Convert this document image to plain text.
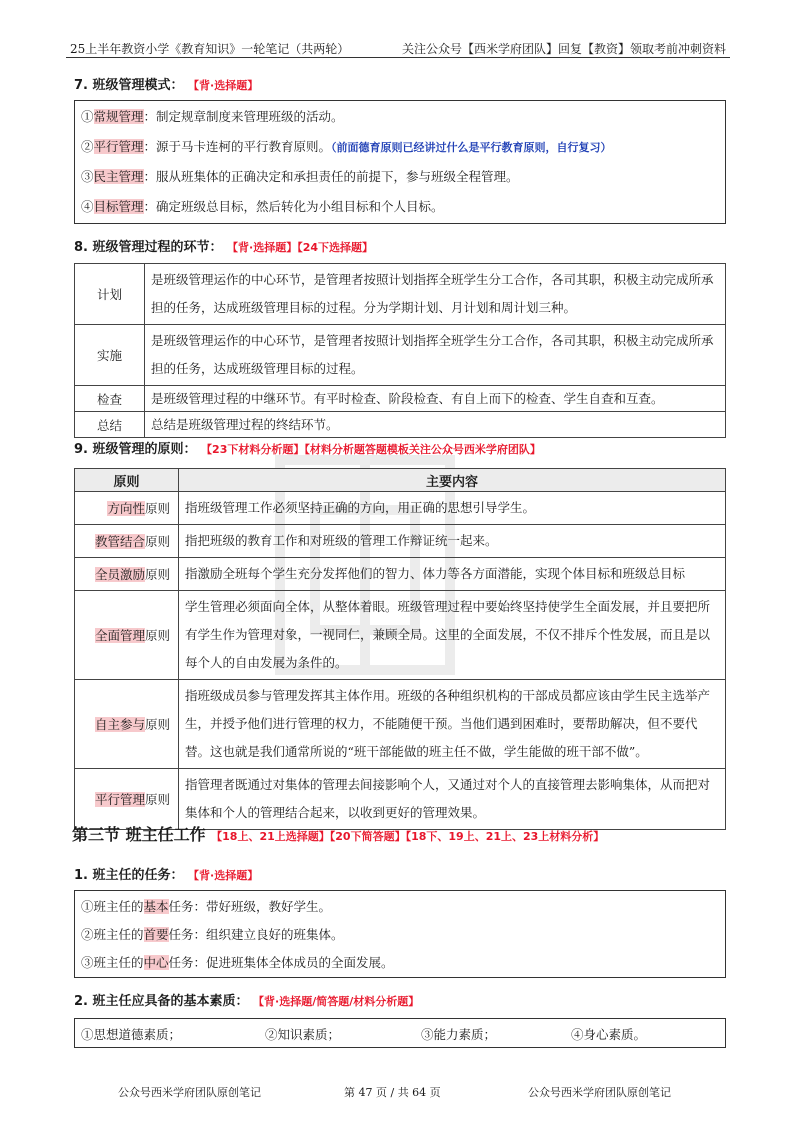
25上半年教资小学《教育知识》一轮笔记（共两轮）	关注公众号【西米学府团队】回复【教资】领取考前冲刺资料
7. 班级管理模式： 【背·选择题】
①常规管理：制定规章制度来管理班级的活动。
②平行管理：源于马卡连柯的平行教育原则。（前面德育原则已经讲过什么是平行教育原则，自行复习）
③民主管理：服从班集体的正确决定和承担责任的前提下，参与班级全程管理。
④目标管理：确定班级总目标，然后转化为小组目标和个人目标。
8. 班级管理过程的环节： 【背·选择题】【24下选择题】
计划	是班级管理运作的中心环节，是管理者按照计划指挥全班学生分工合作，各司其职，积极主动完成所承担的任务，达成班级管理目标的过程。分为学期计划、月计划和周计划三种。
实施	是班级管理运作的中心环节，是管理者按照计划指挥全班学生分工合作，各司其职，积极主动完成所承担的任务，达成班级管理目标的过程。
检查	是班级管理过程的中继环节。有平时检查、阶段检查、有自上而下的检查、学生自查和互查。
总结	总结是班级管理过程的终结环节。
9. 班级管理的原则： 【23下材料分析题】【材料分析题答题模板关注公众号西米学府团队】
原则	主要内容
方向性原则	指班级管理工作必须坚持正确的方向，用正确的思想引导学生。
教管结合原则	指把班级的教育工作和对班级的管理工作辩证统一起来。
全员激励原则	指激励全班每个学生充分发挥他们的智力、体力等各方面潜能，实现个体目标和班级总目标
全面管理原则	学生管理必须面向全体，从整体着眼。班级管理过程中要始终坚持使学生全面发展，并且要把所有学生作为管理对象，一视同仁，兼顾全局。这里的全面发展，不仅不排斥个性发展，而且是以每个人的自由发展为条件的。
自主参与原则	指班级成员参与管理发挥其主体作用。班级的各种组织机构的干部成员都应该由学生民主选举产生，并授予他们进行管理的权力，不能随便干预。当他们遇到困难时，要帮助解决，但不要代替。这也就是我们通常所说的“班干部能做的班主任不做，学生能做的班干部不做”。
平行管理原则	指管理者既通过对集体的管理去间接影响个人，又通过对个人的直接管理去影响集体，从而把对集体和个人的管理结合起来，以收到更好的管理效果。
第三节 班主任工作 【18上、21上选择题】【20下简答题】【18下、19上、21上、23上材料分析】
1. 班主任的任务： 【背·选择题】
①班主任的基本任务：带好班级，教好学生。
②班主任的首要任务：组织建立良好的班集体。
③班主任的中心任务：促进班集体全体成员的全面发展。
2. 班主任应具备的基本素质： 【背·选择题/简答题/材料分析题】
①思想道德素质；	②知识素质；	③能力素质；	④身心素质。
公众号西米学府团队原创笔记	第 47 页 / 共 64 页	公众号西米学府团队原创笔记
